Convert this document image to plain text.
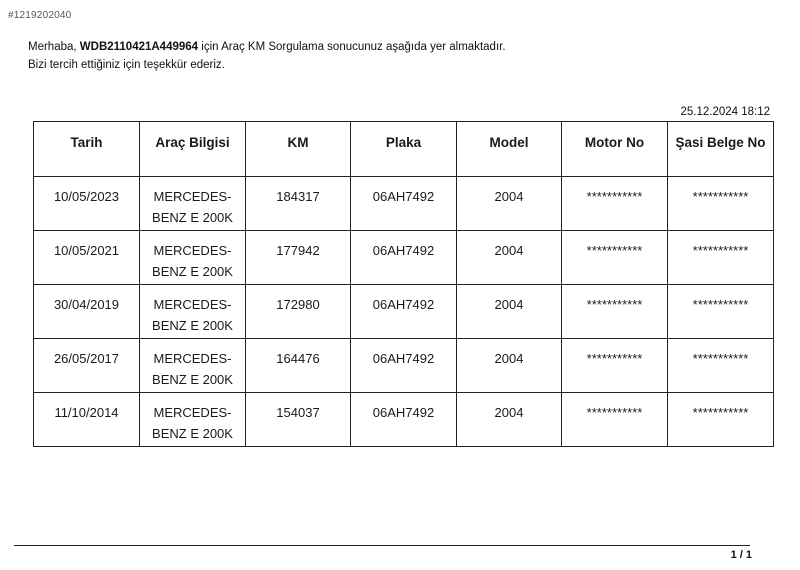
#1219202040
Merhaba, WDB2110421A449964 için Araç KM Sorgulama sonucunuz aşağıda yer almaktadır.
Bizi tercih ettiğiniz için teşekkür ederiz.
25.12.2024 18:12
Tarih	Araç Bilgisi	KM	Plaka	Model	Motor No	Şasi Belge No
10/05/2023	MERCEDES-BENZ E 200K	184317	06AH7492	2004	***********	***********
10/05/2021	MERCEDES-BENZ E 200K	177942	06AH7492	2004	***********	***********
30/04/2019	MERCEDES-BENZ E 200K	172980	06AH7492	2004	***********	***********
26/05/2017	MERCEDES-BENZ E 200K	164476	06AH7492	2004	***********	***********
11/10/2014	MERCEDES-BENZ E 200K	154037	06AH7492	2004	***********	***********
1 / 1
